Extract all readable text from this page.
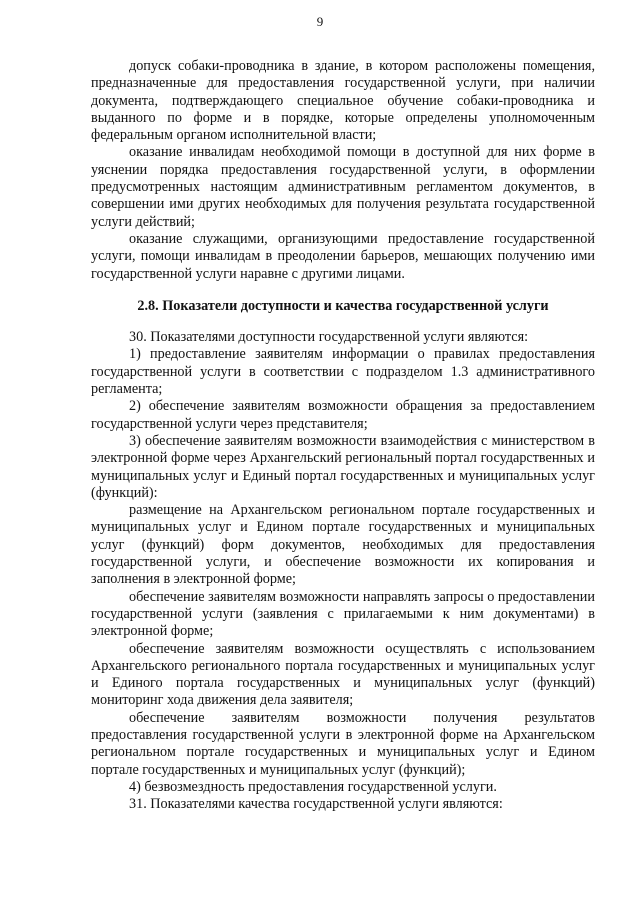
9

допуск собаки-проводника в здание, в котором расположены помещения, предназначенные для предоставления государственной услуги, при наличии документа, подтверждающего специальное обучение собаки-проводника и выданного по форме и в порядке, которые определены уполномоченным федеральным органом исполнительной власти;

оказание инвалидам необходимой помощи в доступной для них форме в уяснении порядка предоставления государственной услуги, в оформлении предусмотренных настоящим административным регламентом документов, в совершении ими других необходимых для получения результата государственной услуги действий;

оказание служащими, организующими предоставление государственной услуги, помощи инвалидам в преодолении барьеров, мешающих получению ими государственной услуги наравне с другими лицами.

2.8. Показатели доступности и качества государственной услуги

30. Показателями доступности государственной услуги являются:

1) предоставление заявителям информации о правилах предоставления государственной услуги в соответствии с подразделом 1.3 административного регламента;

2) обеспечение заявителям возможности обращения за предоставлением государственной услуги через представителя;

3) обеспечение заявителям возможности взаимодействия с министерством в электронной форме через Архангельский региональный портал государственных и муниципальных услуг и Единый портал государственных и муниципальных услуг (функций):

размещение на Архангельском региональном портале государственных и муниципальных услуг и Едином портале государственных и муниципальных услуг (функций) форм документов, необходимых для предоставления государственной услуги, и обеспечение возможности их копирования и заполнения в электронной форме;

обеспечение заявителям возможности направлять запросы о предоставлении государственной услуги (заявления с прилагаемыми к ним документами) в электронной форме;

обеспечение заявителям возможности осуществлять с использованием Архангельского регионального портала государственных и муниципальных услуг и Единого портала государственных и муниципальных услуг (функций) мониторинг хода движения дела заявителя;

обеспечение заявителям возможности получения результатов предоставления государственной услуги в электронной форме на Архангельском региональном портале государственных и муниципальных услуг и Едином портале государственных и муниципальных услуг (функций);

4) безвозмездность предоставления государственной услуги.

31. Показателями качества государственной услуги являются:
